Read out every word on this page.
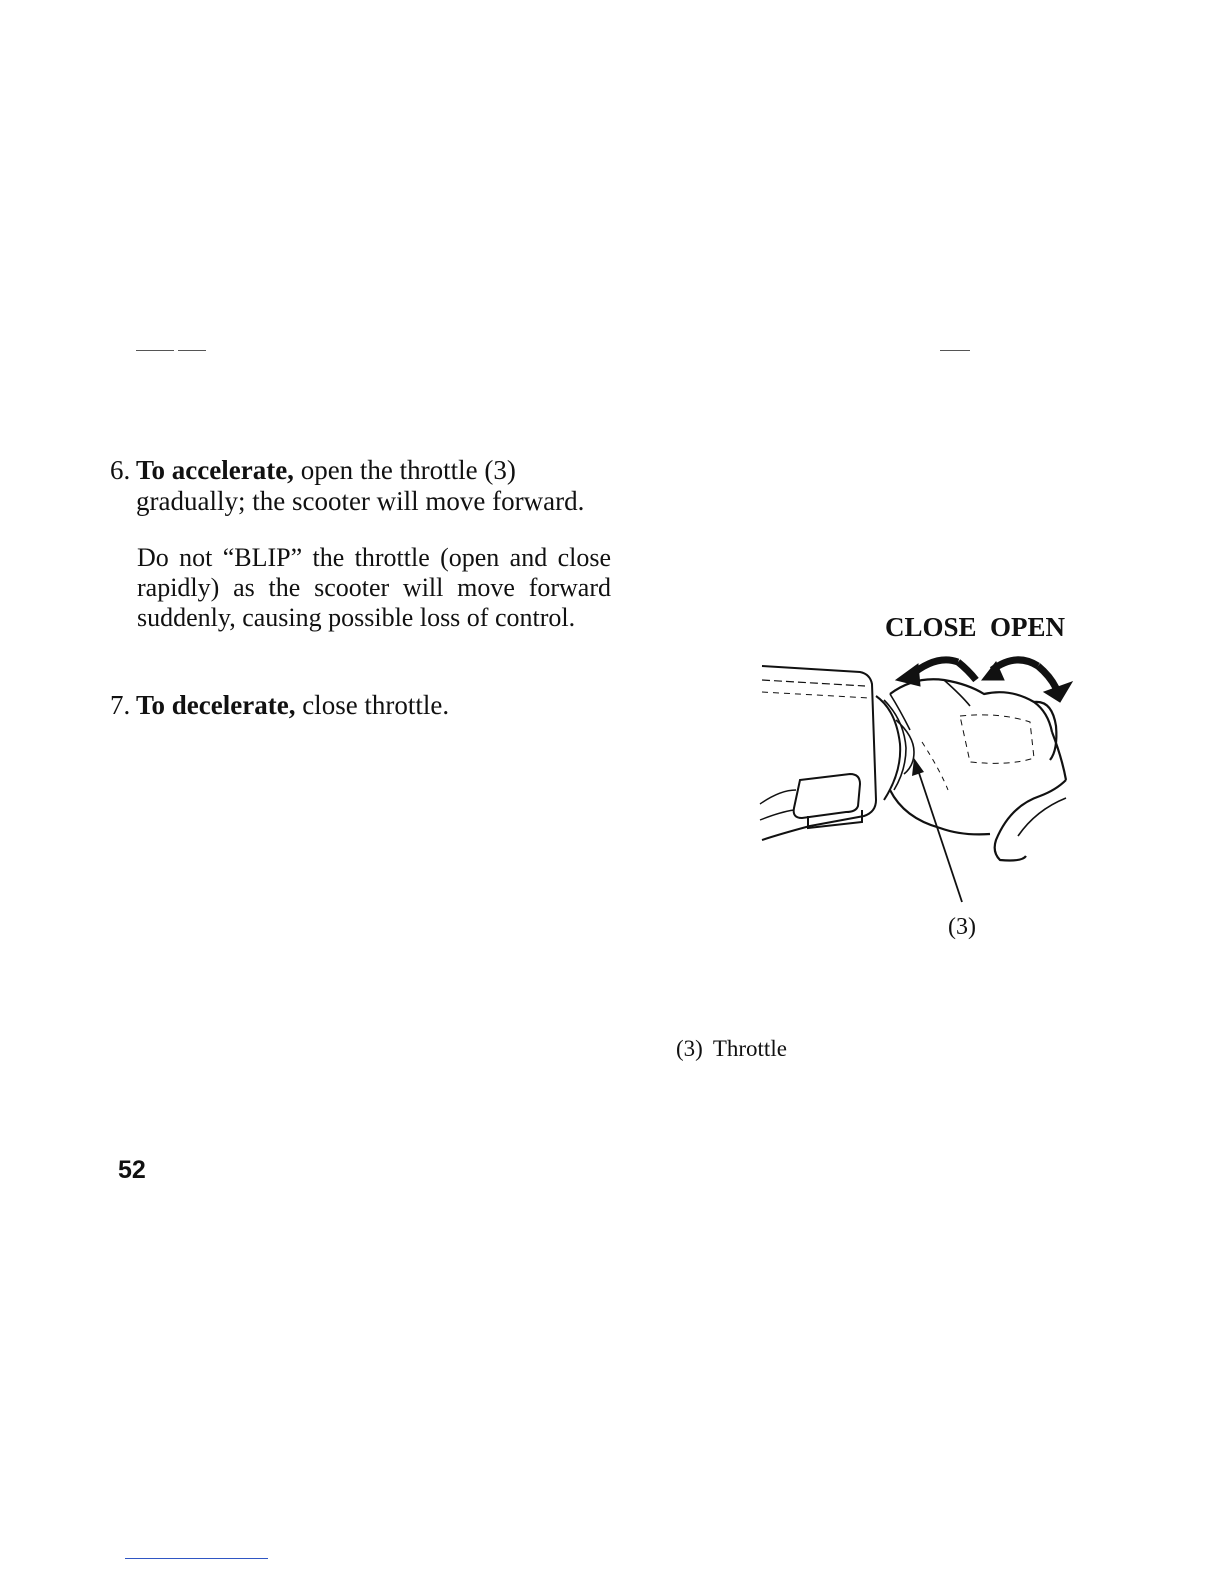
6. To accelerate, open the throttle (3)
gradually; the scooter will move forward.
Do not “BLIP” the throttle (open and close rapidly) as the scooter will move forward suddenly, causing possible loss of control.
7. To decelerate, close throttle.
CLOSE OPEN
(3)
(3) Throttle
52
